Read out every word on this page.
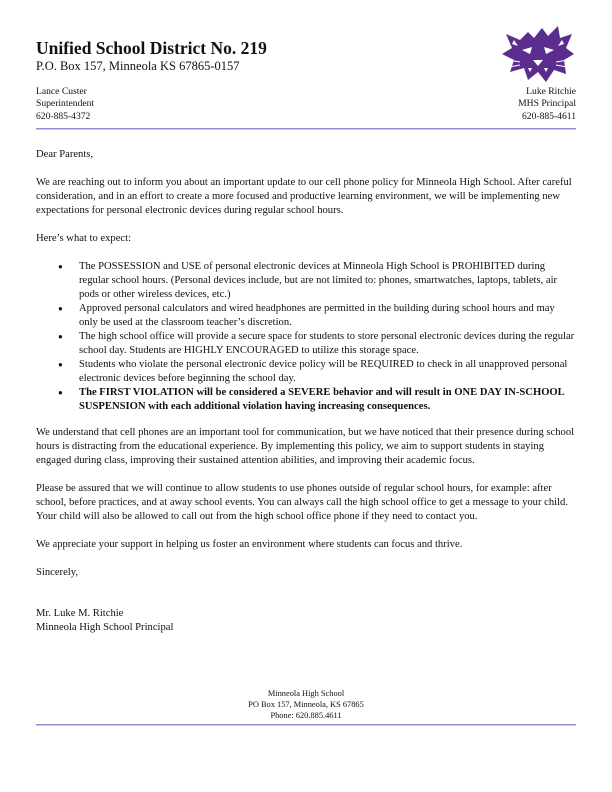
Unified School District No. 219
P.O. Box 157, Minneola KS 67865-0157
Lance Custer
Superintendent
620-885-4372
Luke Ritchie
MHS Principal
620-885-4611

Dear Parents,

We are reaching out to inform you about an important update to our cell phone policy for Minneola High School. After careful consideration, and in an effort to create a more focused and productive learning environment, we will be implementing new expectations for personal electronic devices during regular school hours.

Here’s what to expect:

● The POSSESSION and USE of personal electronic devices at Minneola High School is PROHIBITED during regular school hours. (Personal devices include, but are not limited to: phones, smartwatches, laptops, tablets, air pods or other wireless devices, etc.)
● Approved personal calculators and wired headphones are permitted in the building during school hours and may only be used at the classroom teacher’s discretion.
● The high school office will provide a secure space for students to store personal electronic devices during the regular school day. Students are HIGHLY ENCOURAGED to utilize this storage space.
● Students who violate the personal electronic device policy will be REQUIRED to check in all unapproved personal electronic devices before beginning the school day.
● The FIRST VIOLATION will be considered a SEVERE behavior and will result in ONE DAY IN-SCHOOL SUSPENSION with each additional violation having increasing consequences.

We understand that cell phones are an important tool for communication, but we have noticed that their presence during school hours is distracting from the educational experience. By implementing this policy, we aim to support students in staying engaged during class, improving their sustained attention abilities, and improving their academic focus.

Please be assured that we will continue to allow students to use phones outside of regular school hours, for example: after school, before practices, and at away school events. You can always call the high school office to get a message to your child. Your child will also be allowed to call out from the high school office phone if they need to contact you.

We appreciate your support in helping us foster an environment where students can focus and thrive.

Sincerely,

Mr. Luke M. Ritchie
Minneola High School Principal
Minneola High School
PO Box 157, Minneola, KS 67865
Phone: 620.885.4611
